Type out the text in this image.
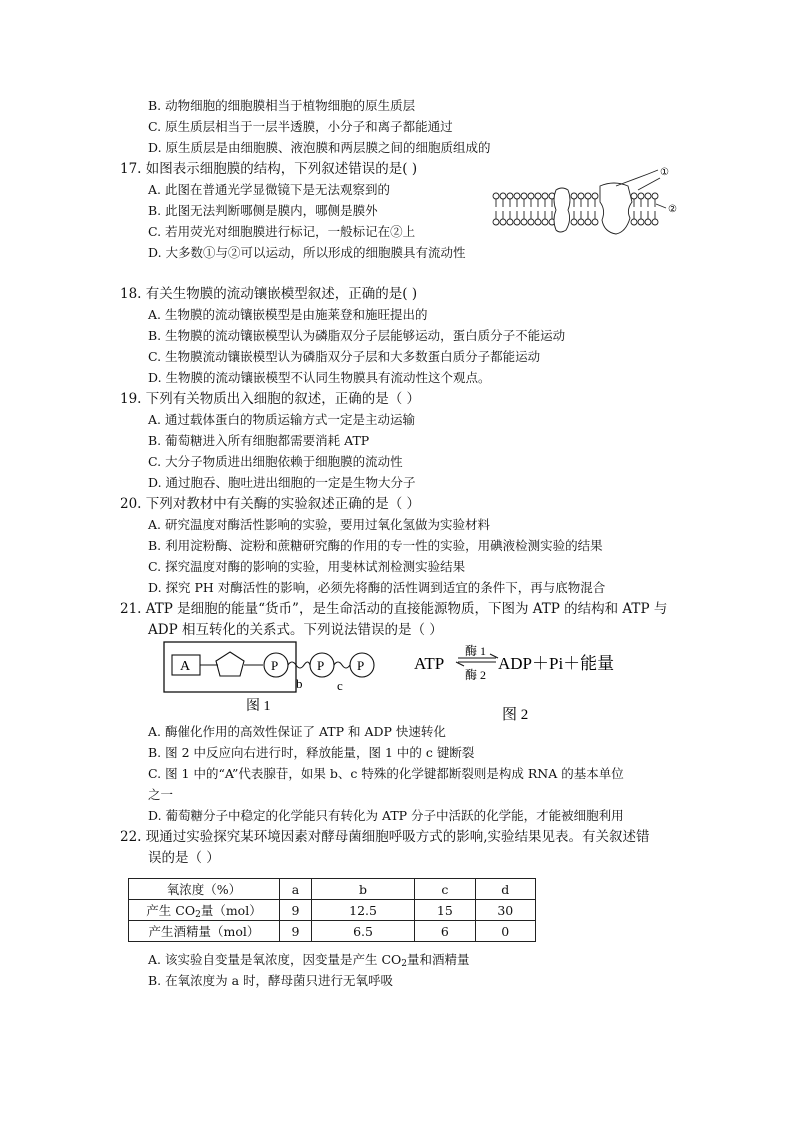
B. 动物细胞的细胞膜相当于植物细胞的原生质层
C. 原生质层相当于一层半透膜，小分子和离子都能通过
D. 原生质层是由细胞膜、液泡膜和两层膜之间的细胞质组成的
17. 如图表示细胞膜的结构，下列叙述错误的是( )
A. 此图在普通光学显微镜下是无法观察到的
B. 此图无法判断哪侧是膜内，哪侧是膜外
C. 若用荧光对细胞膜进行标记，一般标记在②上
D. 大多数①与②可以运动，所以形成的细胞膜具有流动性
①
②
18. 有关生物膜的流动镶嵌模型叙述，正确的是( )
A. 生物膜的流动镶嵌模型是由施莱登和施旺提出的
B. 生物膜的流动镶嵌模型认为磷脂双分子层能够运动，蛋白质分子不能运动
C. 生物膜流动镶嵌模型认为磷脂双分子层和大多数蛋白质分子都能运动
D. 生物膜的流动镶嵌模型不认同生物膜具有流动性这个观点。
19. 下列有关物质出入细胞的叙述，正确的是（ ）
A. 通过载体蛋白的物质运输方式一定是主动运输
B. 葡萄糖进入所有细胞都需要消耗 ATP
C. 大分子物质进出细胞依赖于细胞膜的流动性
D. 通过胞吞、胞吐进出细胞的一定是生物大分子
20. 下列对教材中有关酶的实验叙述正确的是（ ）
A. 研究温度对酶活性影响的实验，要用过氧化氢做为实验材料
B. 利用淀粉酶、淀粉和蔗糖研究酶的作用的专一性的实验，用碘液检测实验的结果
C. 探究温度对酶的影响的实验，用斐林试剂检测实验结果
D. 探究 PH 对酶活性的影响，必须先将酶的活性调到适宜的条件下，再与底物混合
21. ATP 是细胞的能量“货币”，是生命活动的直接能源物质，下图为 ATP 的结构和 ATP 与
ADP 相互转化的关系式。下列说法错误的是（ ）
A	P	P	P
b	c
图 1
ATP
酶 1
酶 2
ADP＋Pi＋能量
图 2
A. 酶催化作用的高效性保证了 ATP 和 ADP 快速转化
B. 图 2 中反应向右进行时，释放能量，图 1 中的 c 键断裂
C. 图 1 中的“A”代表腺苷，如果 b、c 特殊的化学键都断裂则是构成 RNA 的基本单位
之一
D. 葡萄糖分子中稳定的化学能只有转化为 ATP 分子中活跃的化学能，才能被细胞利用
22. 现通过实验探究某环境因素对酵母菌细胞呼吸方式的影响,实验结果见表。有关叙述错
误的是（ ）
氧浓度（%）	a	b	c	d
产生 $CO_2$量（mol）	9	12.5	15	30
产生酒精量（mol）	9	6.5	6	0
A. 该实验自变量是氧浓度，因变量是产生 $CO_2$量和酒精量
B. 在氧浓度为 a 时，酵母菌只进行无氧呼吸
